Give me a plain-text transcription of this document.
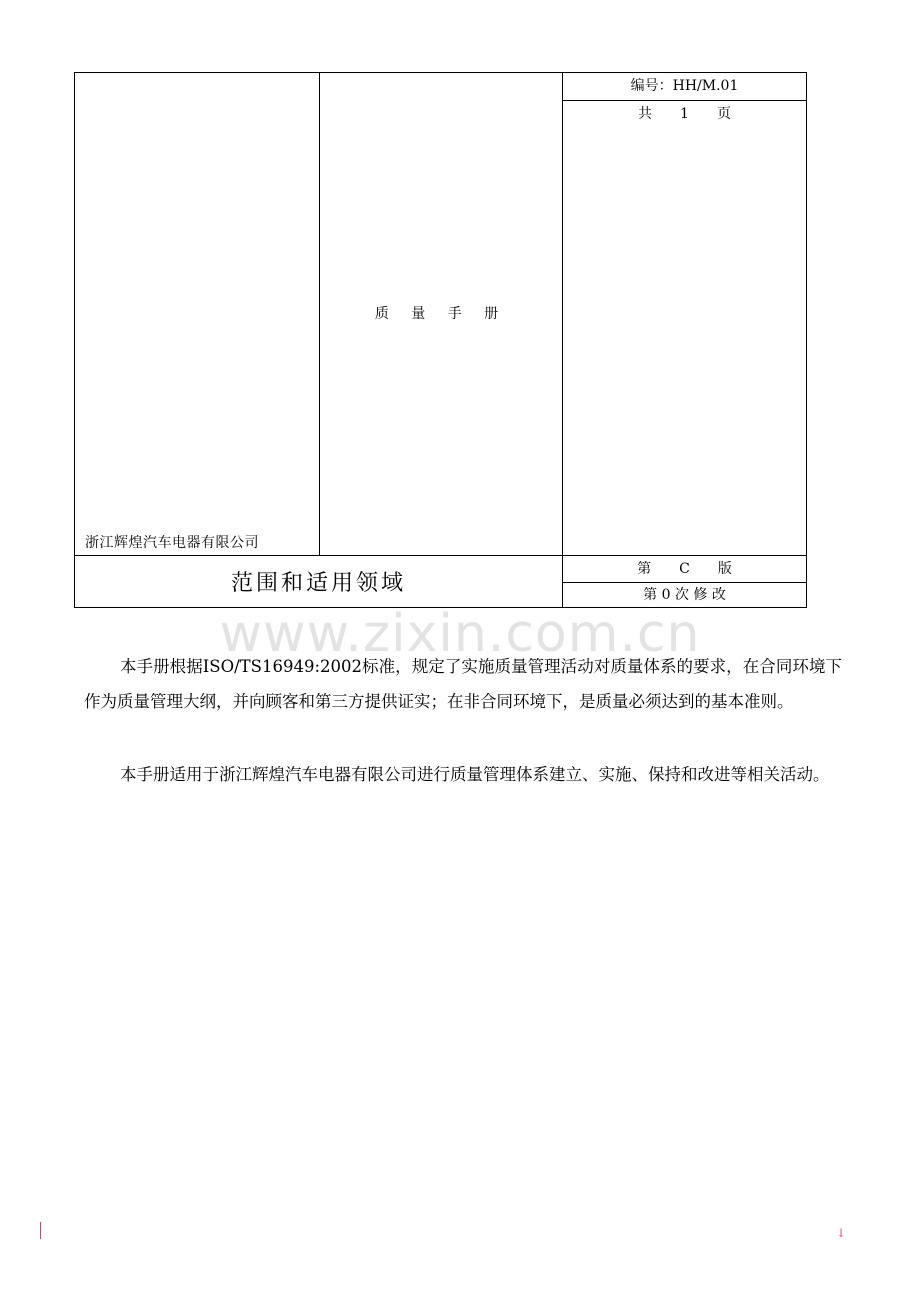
浙江辉煌汽车电器有限公司
质 量 手 册
编号：HH/M.01
共　　1　　页
范围和适用领域
第　　C　　版
第 0 次 修 改
www.zixin.com.cn
本手册根据ISO/TS16949:2002标准，规定了实施质量管理活动对质量体系的要求，在合同环境下作为质量管理大纲，并向顾客和第三方提供证实；在非合同环境下，是质量必须达到的基本准则。
本手册适用于浙江辉煌汽车电器有限公司进行质量管理体系建立、实施、保持和改进等相关活动。
↓
